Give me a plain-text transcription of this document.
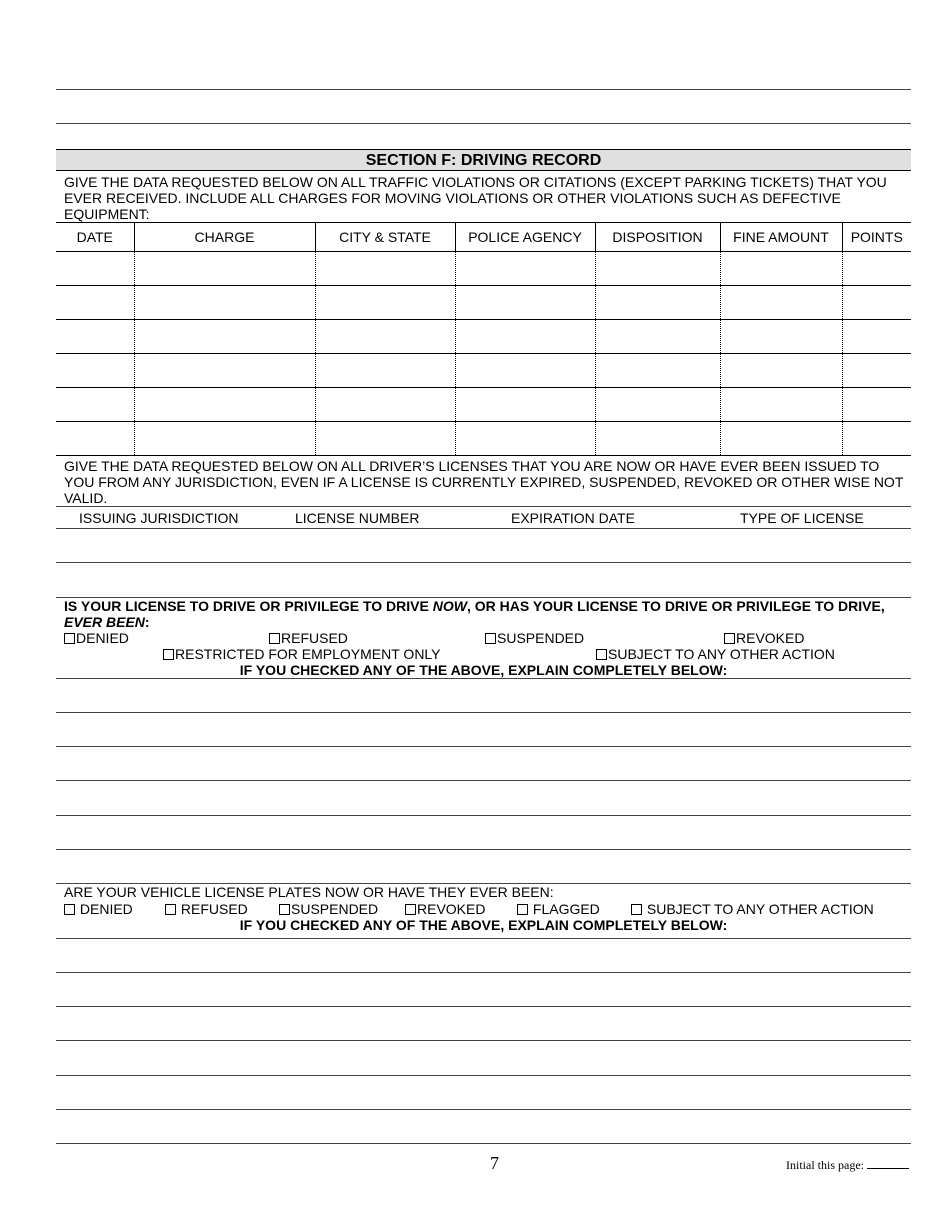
SECTION F: DRIVING RECORD
GIVE THE DATA REQUESTED BELOW ON ALL TRAFFIC VIOLATIONS OR CITATIONS (EXCEPT PARKING TICKETS) THAT YOU EVER RECEIVED. INCLUDE ALL CHARGES FOR MOVING VIOLATIONS OR OTHER VIOLATIONS SUCH AS DEFECTIVE EQUIPMENT:
DATE	CHARGE	CITY & STATE	POLICE AGENCY	DISPOSITION	FINE AMOUNT	POINTS

GIVE THE DATA REQUESTED BELOW ON ALL DRIVER’S LICENSES THAT YOU ARE NOW OR HAVE EVER BEEN ISSUED TO YOU FROM ANY JURISDICTION, EVEN IF A LICENSE IS CURRENTLY EXPIRED, SUSPENDED, REVOKED OR OTHER WISE NOT VALID.
ISSUING JURISDICTION	LICENSE NUMBER	EXPIRATION DATE	TYPE OF LICENSE
IS YOUR LICENSE TO DRIVE OR PRIVILEGE TO DRIVE NOW, OR HAS YOUR LICENSE TO DRIVE OR PRIVILEGE TO DRIVE,
EVER BEEN:
DENIED	REFUSED	SUSPENDED	REVOKED
RESTRICTED FOR EMPLOYMENT ONLY	SUBJECT TO ANY OTHER ACTION
IF YOU CHECKED ANY OF THE ABOVE, EXPLAIN COMPLETELY BELOW:
ARE YOUR VEHICLE LICENSE PLATES NOW OR HAVE THEY EVER BEEN:
DENIED	REFUSED	SUSPENDED	REVOKED	FLAGGED	SUBJECT TO ANY OTHER ACTION
IF YOU CHECKED ANY OF THE ABOVE, EXPLAIN COMPLETELY BELOW:
7	Initial this page:
